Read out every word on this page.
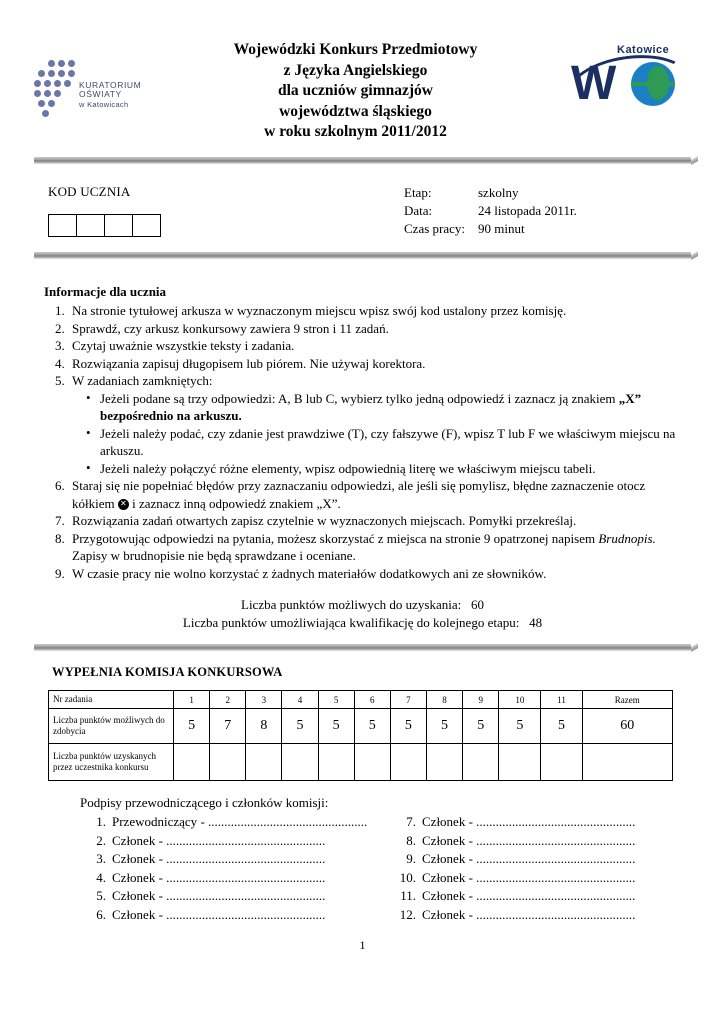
KURATORIUM
OŚWIATY
w Katowicach
Wojewódzki Konkurs Przedmiotowy
z Języka Angielskiego
dla uczniów gimnazjów
województwa śląskiego
w roku szkolnym 2011/2012
Katowice
W
KOD UCZNIA	Etap:	szkolny
Data:	24 listopada 2011r.
Czas pracy: 90 minut
Informacje dla ucznia
1. Na stronie tytułowej arkusza w wyznaczonym miejscu wpisz swój kod ustalony przez komisję.
2. Sprawdź, czy arkusz konkursowy zawiera 9 stron i 11 zadań.
3. Czytaj uważnie wszystkie teksty i zadania.
4. Rozwiązania zapisuj długopisem lub piórem. Nie używaj korektora.
5. W zadaniach zamkniętych:
• Jeżeli podane są trzy odpowiedzi: A, B lub C, wybierz tylko jedną odpowiedź i zaznacz ją znakiem „X” bezpośrednio na arkuszu.
• Jeżeli należy podać, czy zdanie jest prawdziwe (T), czy fałszywe (F), wpisz T lub F we właściwym miejscu na arkuszu.
• Jeżeli należy połączyć różne elementy, wpisz odpowiednią literę we właściwym miejscu tabeli.
6. Staraj się nie popełniać błędów przy zaznaczaniu odpowiedzi, ale jeśli się pomylisz, błędne zaznaczenie otocz kółkiem ✕ i zaznacz inną odpowiedź znakiem „X”.
7. Rozwiązania zadań otwartych zapisz czytelnie w wyznaczonych miejscach. Pomyłki przekreślaj.
8. Przygotowując odpowiedzi na pytania, możesz skorzystać z miejsca na stronie 9 opatrzonej napisem Brudnopis. Zapisy w brudnopisie nie będą sprawdzane i oceniane.
9. W czasie pracy nie wolno korzystać z żadnych materiałów dodatkowych ani ze słowników.
Liczba punktów możliwych do uzyskania: 60
Liczba punktów umożliwiająca kwalifikację do kolejnego etapu: 48
WYPEŁNIA KOMISJA KONKURSOWA
Nr zadania	1	2	3	4	5	6	7	8	9	10	11	Razem
Liczba punktów możliwych do zdobycia	5	7	8	5	5	5	5	5	5	5	5	60
Liczba punktów uzyskanych przez uczestnika konkursu												
Podpisy przewodniczącego i członków komisji:
1. Przewodniczący
- .................................................
2. Członek
- .................................................
3. Członek
- .................................................
4. Członek
- .................................................
5. Członek
- .................................................
6. Członek
- .................................................
7. Członek
- .................................................
8. Członek
- .................................................
9. Członek
- .................................................
10. Członek
- .................................................
11. Członek
- .................................................
12. Członek
- .................................................
1
